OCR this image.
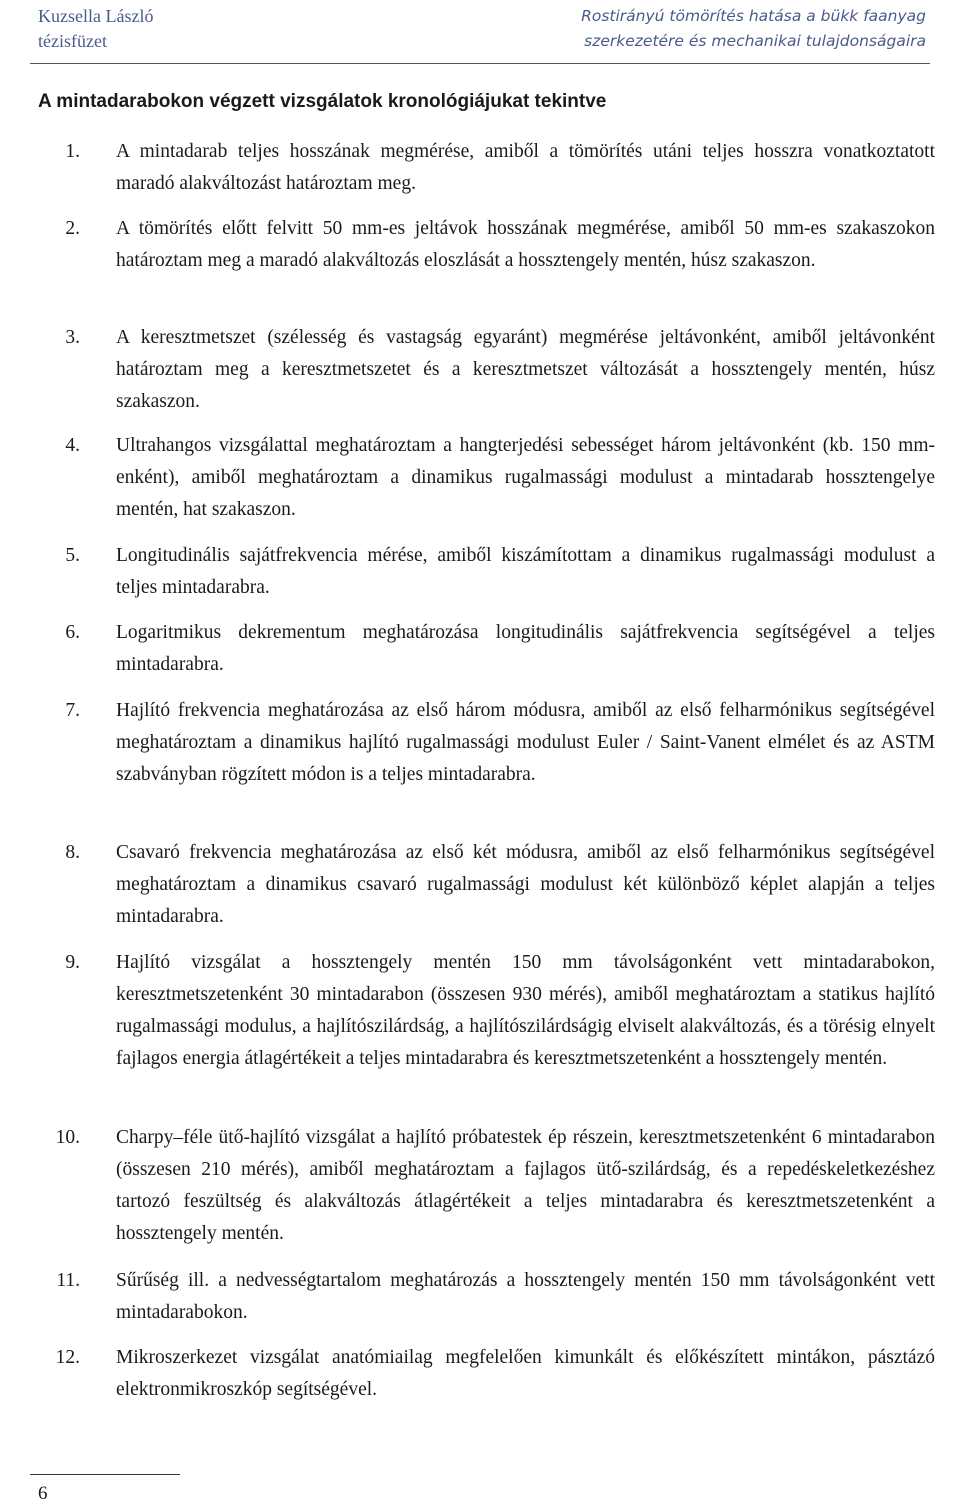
Kuzsella László
tézisfüzet
Rostirányú tömörítés hatása a bükk faanyag
szerkezetére és mechanikai tulajdonságaira
A mintadarabokon végzett vizsgálatok kronológiájukat tekintve
1. A mintadarab teljes hosszának megmérése, amiből a tömörítés utáni teljes hosszra vonatkoztatott maradó alakváltozást határoztam meg.
2. A tömörítés előtt felvitt 50 mm-es jeltávok hosszának megmérése, amiből 50 mm-es szakaszokon határoztam meg a maradó alakváltozás eloszlását a hossztengely mentén, húsz szakaszon.
3. A keresztmetszet (szélesség és vastagság egyaránt) megmérése jeltávonként, amiből jeltávonként határoztam meg a keresztmetszetet és a keresztmetszet változását a hossztengely mentén, húsz szakaszon.
4. Ultrahangos vizsgálattal meghatároztam a hangterjedési sebességet három jeltávonként (kb. 150 mm-enként), amiből meghatároztam a dinamikus rugalmassági modulust a mintadarab hossztengelye mentén, hat szakaszon.
5. Longitudinális sajátfrekvencia mérése, amiből kiszámítottam a dinamikus rugalmassági modulust a teljes mintadarabra.
6. Logaritmikus dekrementum meghatározása longitudinális sajátfrekvencia segítségével a teljes mintadarabra.
7. Hajlító frekvencia meghatározása az első három módusra, amiből az első felharmónikus segítségével meghatároztam a dinamikus hajlító rugalmassági modulust Euler / Saint-Vanent elmélet és az ASTM szabványban rögzített módon is a teljes mintadarabra.
8. Csavaró frekvencia meghatározása az első két módusra, amiből az első felharmónikus segítségével meghatároztam a dinamikus csavaró rugalmassági modulust két különböző képlet alapján a teljes mintadarabra.
9. Hajlító vizsgálat a hossztengely mentén 150 mm távolságonként vett mintadarabokon, keresztmetszetenként 30 mintadarabon (összesen 930 mérés), amiből meghatároztam a statikus hajlító rugalmassági modulus, a hajlítószilárdság, a hajlítószilárdságig elviselt alakváltozás, és a törésig elnyelt fajlagos energia átlagértékeit a teljes mintadarabra és keresztmetszetenként a hossztengely mentén.
10. Charpy–féle ütő-hajlító vizsgálat a hajlító próbatestek ép részein, keresztmetszetenként 6 mintadarabon (összesen 210 mérés), amiből meghatároztam a fajlagos ütő-szilárdság, és a repedéskeletkezéshez tartozó feszültség és alakváltozás átlagértékeit a teljes mintadarabra és keresztmetszetenként a hossztengely mentén.
11. Sűrűség ill. a nedvességtartalom meghatározás a hossztengely mentén 150 mm távolságonként vett mintadarabokon.
12. Mikroszerkezet vizsgálat anatómiailag megfelelően kimunkált és előkészített mintákon, pásztázó elektronmikroszkóp segítségével.
6
